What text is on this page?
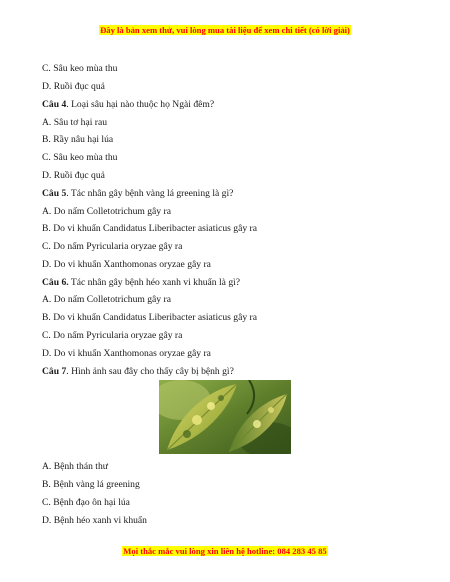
Đây là bản xem thử, vui lòng mua tài liệu để xem chi tiết (có lời giải)
C. Sâu keo mùa thu
D. Ruồi đục quả
Câu 4. Loại sâu hại nào thuộc họ Ngài đêm?
A. Sâu tơ hại rau
B. Rầy nâu hại lúa
C. Sâu keo mùa thu
D. Ruồi đục quả
Câu 5. Tác nhân gây bệnh vàng lá greening là gì?
A. Do nấm Colletotrichum gây ra
B. Do vi khuẩn Candidatus Liberibacter asiaticus gây ra
C. Do nấm Pyricularia oryzae gây ra
D. Do vi khuẩn Xanthomonas oryzae gây ra
Câu 6. Tác nhân gây bệnh héo xanh vi khuẩn là gì?
A. Do nấm Colletotrichum gây ra
B. Do vi khuẩn Candidatus Liberibacter asiaticus gây ra
C. Do nấm Pyricularia oryzae gây ra
D. Do vi khuẩn Xanthomonas oryzae gây ra
Câu 7. Hình ảnh sau đây cho thấy cây bị bệnh gì?
A. Bệnh thán thư
B. Bệnh vàng lá greening
C. Bệnh đạo ôn hại lúa
D. Bệnh héo xanh vi khuẩn
Mọi thắc mắc vui lòng xin liên hệ hotline: 084 283 45 85
